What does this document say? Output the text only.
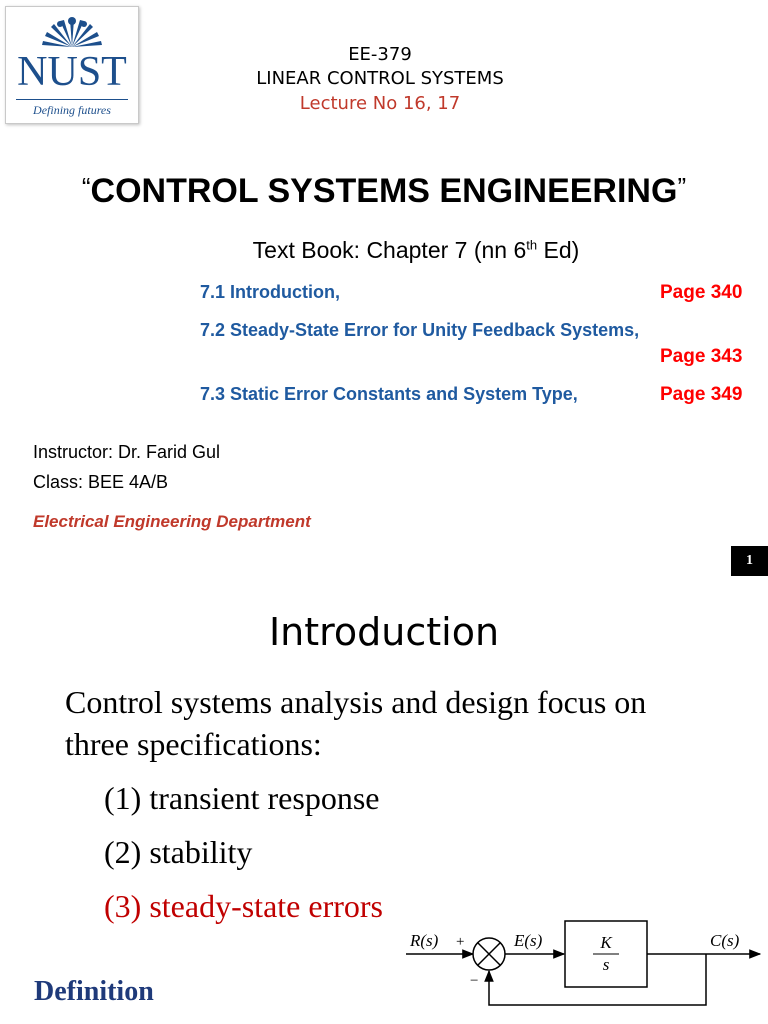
NUST
Defining futures
EE-379
LINEAR CONTROL SYSTEMS
Lecture No 16, 17
“CONTROL SYSTEMS ENGINEERING”
Text Book: Chapter 7 (nn 6th Ed)
7.1 Introduction,	Page 340
7.2 Steady-State Error for Unity Feedback Systems,
Page 343
7.3 Static Error Constants and System Type,	Page 349
Instructor: Dr. Farid Gul
Class: BEE 4A/B
Electrical Engineering Department
1
Introduction
Control systems analysis and design focus on
three specifications:
(1) transient response
(2) stability
(3) steady-state errors
Definition
R(s) +
−
E(s)	K
s
C(s)
